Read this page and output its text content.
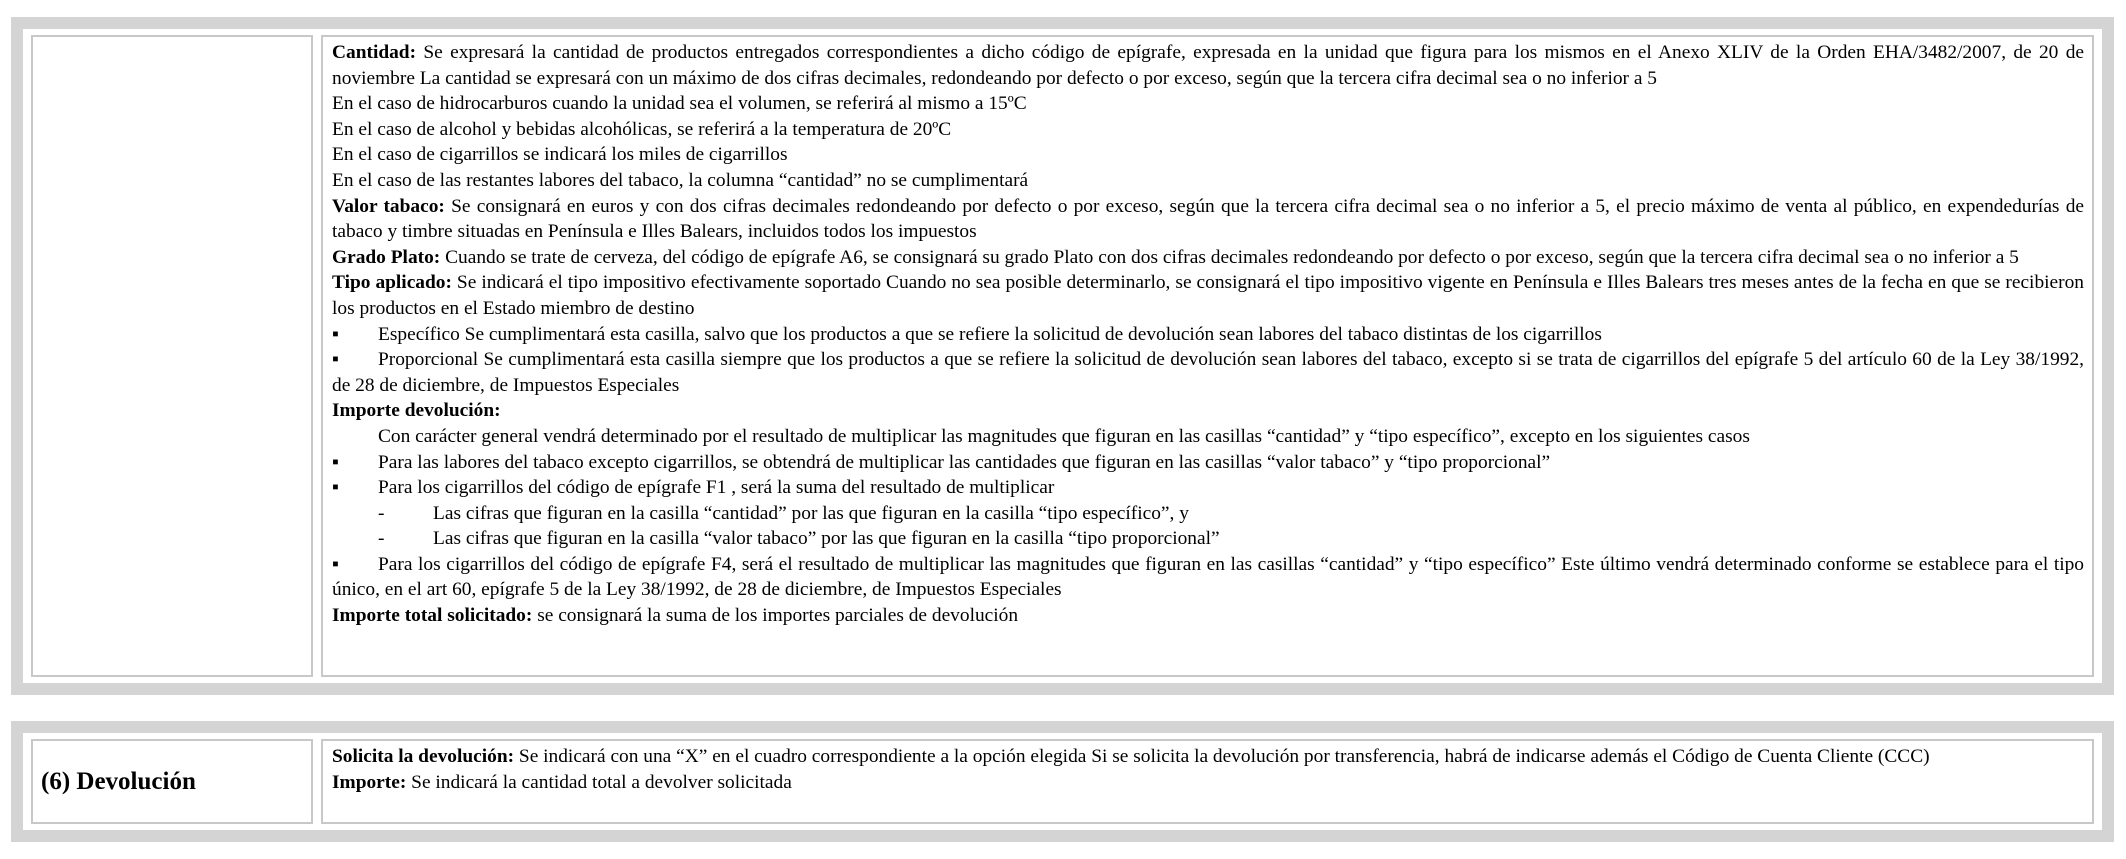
Cantidad: Se expresará la cantidad de productos entregados correspondientes a dicho código de epígrafe, expresada en la unidad que figura para los mismos en el Anexo XLIV de la Orden EHA/3482/2007, de 20 de noviembre La cantidad se expresará con un máximo de dos cifras decimales, redondeando por defecto o por exceso, según que la tercera cifra decimal sea o no inferior a 5

En el caso de hidrocarburos cuando la unidad sea el volumen, se referirá al mismo a 15ºC

En el caso de alcohol y bebidas alcohólicas, se referirá a la temperatura de 20ºC

En el caso de cigarrillos se indicará los miles de cigarrillos

En el caso de las restantes labores del tabaco, la columna “cantidad” no se cumplimentará

Valor tabaco: Se consignará en euros y con dos cifras decimales redondeando por defecto o por exceso, según que la tercera cifra decimal sea o no inferior a 5, el precio máximo de venta al público, en expendedurías de tabaco y timbre situadas en Península e Illes Balears, incluidos todos los impuestos

Grado Plato: Cuando se trate de cerveza, del código de epígrafe A6, se consignará su grado Plato con dos cifras decimales redondeando por defecto o por exceso, según que la tercera cifra decimal sea o no inferior a 5

Tipo aplicado: Se indicará el tipo impositivo efectivamente soportado Cuando no sea posible determinarlo, se consignará el tipo impositivo vigente en Península e Illes Balears tres meses antes de la fecha en que se recibieron los productos en el Estado miembro de destino

▪ Específico Se cumplimentará esta casilla, salvo que los productos a que se refiere la solicitud de devolución sean labores del tabaco distintas de los cigarrillos

▪ Proporcional Se cumplimentará esta casilla siempre que los productos a que se refiere la solicitud de devolución sean labores del tabaco, excepto si se trata de cigarrillos del epígrafe 5 del artículo 60 de la Ley 38/1992, de 28 de diciembre, de Impuestos Especiales

Importe devolución:

Con carácter general vendrá determinado por el resultado de multiplicar las magnitudes que figuran en las casillas “cantidad” y “tipo específico”, excepto en los siguientes casos

▪ Para las labores del tabaco excepto cigarrillos, se obtendrá de multiplicar las cantidades que figuran en las casillas “valor tabaco” y “tipo proporcional”

▪ Para los cigarrillos del código de epígrafe F1 , será la suma del resultado de multiplicar

-	Las cifras que figuran en la casilla “cantidad” por las que figuran en la casilla “tipo específico”, y

-	Las cifras que figuran en la casilla “valor tabaco” por las que figuran en la casilla “tipo proporcional”

▪ Para los cigarrillos del código de epígrafe F4, será el resultado de multiplicar las magnitudes que figuran en las casillas “cantidad” y “tipo específico” Este último vendrá determinado conforme se establece para el tipo único, en el art 60, epígrafe 5 de la Ley 38/1992, de 28 de diciembre, de Impuestos Especiales

Importe total solicitado: se consignará la suma de los importes parciales de devolución

(6) Devolución

Solicita la devolución: Se indicará con una “X” en el cuadro correspondiente a la opción elegida Si se solicita la devolución por transferencia, habrá de indicarse además el Código de Cuenta Cliente (CCC)

Importe: Se indicará la cantidad total a devolver solicitada
